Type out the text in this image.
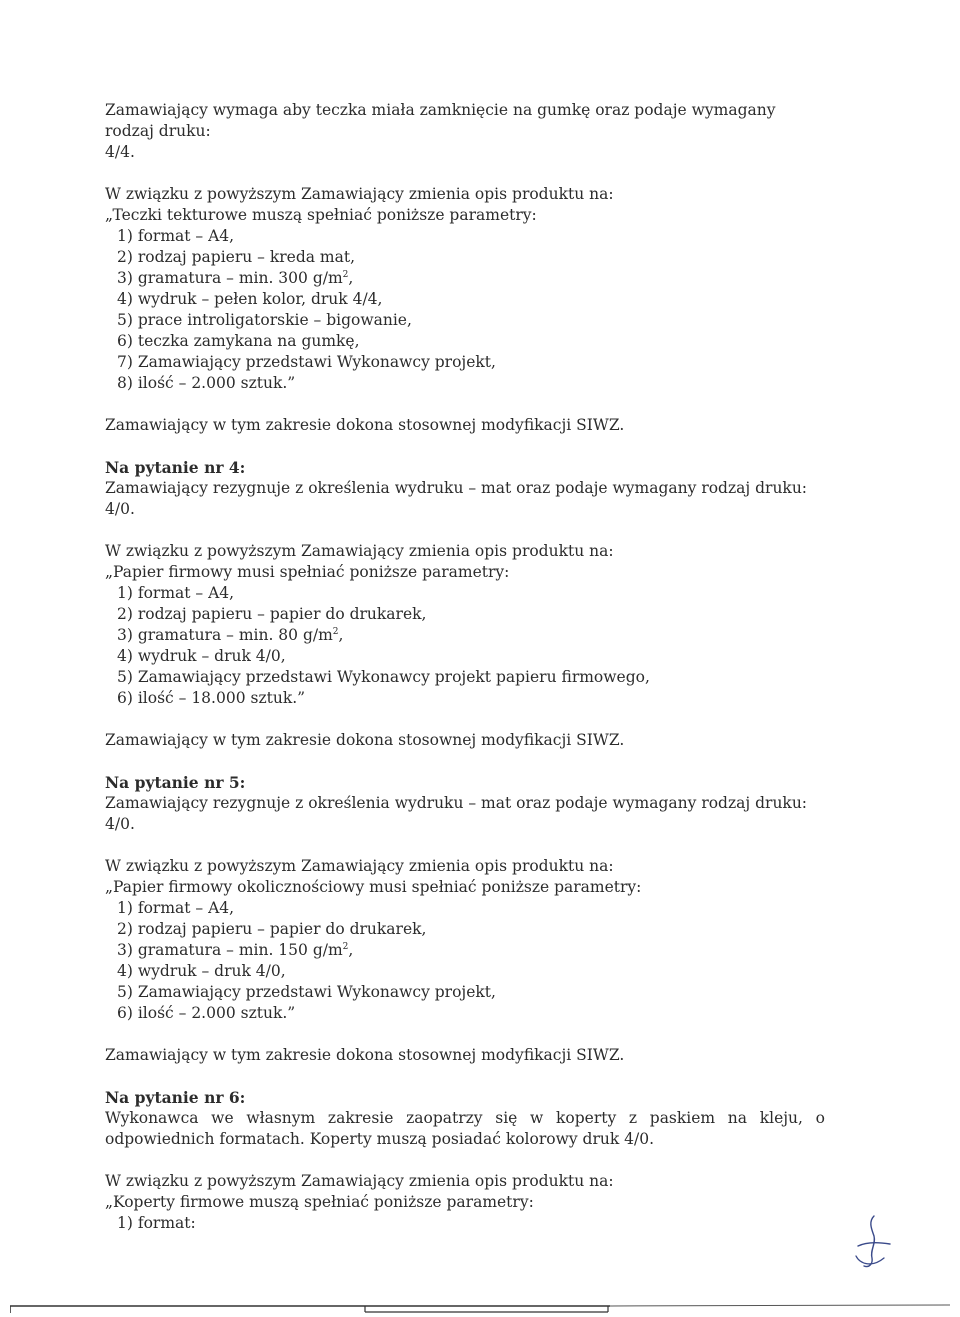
Zamawiający wymaga aby teczka miała zamknięcie na gumkę oraz podaje wymagany rodzaj druku:

4/4.

W związku z powyższym Zamawiający zmienia opis produktu na:

„Teczki tekturowe muszą spełniać poniższe parametry:

1) format – A4,
2) rodzaj papieru – kreda mat,
3) gramatura – min. 300 $g/m^2$,
4) wydruk – pełen kolor, druk 4/4,
5) prace introligatorskie – bigowanie,
6) teczka zamykana na gumkę,
7) Zamawiający przedstawi Wykonawcy projekt,
8) ilość – 2.000 sztuk.”

Zamawiający w tym zakresie dokona stosownej modyfikacji SIWZ.

Na pytanie nr 4:

Zamawiający rezygnuje z określenia wydruku – mat oraz podaje wymagany rodzaj druku: 4/0.

W związku z powyższym Zamawiający zmienia opis produktu na:

„Papier firmowy musi spełniać poniższe parametry:

1) format – A4,
2) rodzaj papieru – papier do drukarek,
3) gramatura – min. 80 $g/m^2$,
4) wydruk – druk 4/0,
5) Zamawiający przedstawi Wykonawcy projekt papieru firmowego,
6) ilość – 18.000 sztuk.”

Zamawiający w tym zakresie dokona stosownej modyfikacji SIWZ.

Na pytanie nr 5:

Zamawiający rezygnuje z określenia wydruku – mat oraz podaje wymagany rodzaj druku: 4/0.

W związku z powyższym Zamawiający zmienia opis produktu na:

„Papier firmowy okolicznościowy musi spełniać poniższe parametry:

1) format – A4,
2) rodzaj papieru – papier do drukarek,
3) gramatura – min. 150 $g/m^2$,
4) wydruk – druk 4/0,
5) Zamawiający przedstawi Wykonawcy projekt,
6) ilość – 2.000 sztuk.”

Zamawiający w tym zakresie dokona stosownej modyfikacji SIWZ.

Na pytanie nr 6:

Wykonawca we własnym zakresie zaopatrzy się w koperty z paskiem na kleju, o odpowiednich formatach. Koperty muszą posiadać kolorowy druk 4/0.

W związku z powyższym Zamawiający zmienia opis produktu na:

„Koperty firmowe muszą spełniać poniższe parametry:

1) format:
